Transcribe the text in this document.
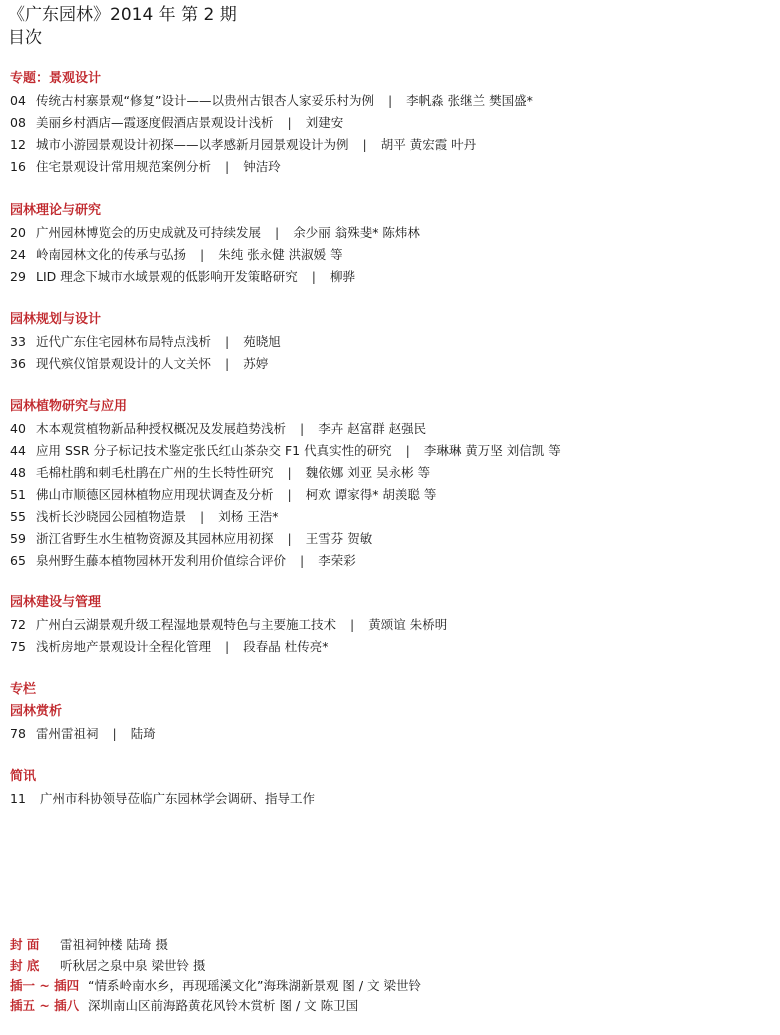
《广东园林》2014 年 第 2 期
目次
专题：景观设计
04 传统古村寨景观“修复”设计——以贵州古银杏人家妥乐村为例 | 李帆淼 张继兰 樊国盛*
08 美丽乡村酒店—霞逐度假酒店景观设计浅析 | 刘建安
12 城市小游园景观设计初探——以孝感新月园景观设计为例 | 胡平 黄宏霞 叶丹
16 住宅景观设计常用规范案例分析 | 钟洁玲
园林理论与研究
20 广州园林博览会的历史成就及可持续发展 | 余少丽 翁殊斐* 陈炜林
24 岭南园林文化的传承与弘扬 | 朱纯 张永健 洪淑媛 等
29 LID 理念下城市水域景观的低影响开发策略研究 | 柳骅
园林规划与设计
33 近代广东住宅园林布局特点浅析 | 苑晓旭
36 现代殡仪馆景观设计的人文关怀 | 苏婷
园林植物研究与应用
40 木本观赏植物新品种授权概况及发展趋势浅析 | 李卉 赵富群 赵强民
44 应用 SSR 分子标记技术鉴定张氏红山茶杂交 F1 代真实性的研究 | 李琳琳 黄万坚 刘信凯 等
48 毛棉杜鹃和刺毛杜鹃在广州的生长特性研究 | 魏依娜 刘亚 吴永彬 等
51 佛山市顺德区园林植物应用现状调查及分析 | 柯欢 谭家得* 胡羡聪 等
55 浅析长沙晓园公园植物造景 | 刘杨 王浩*
59 浙江省野生水生植物资源及其园林应用初探 | 王雪芬 贺敏
65 泉州野生藤本植物园林开发利用价值综合评价 | 李荣彩
园林建设与管理
72 广州白云湖景观升级工程湿地景观特色与主要施工技术 | 黄颂谊 朱桥明
75 浅析房地产景观设计全程化管理 | 段春晶 杜传亮*
专栏
园林赏析
78 雷州雷祖祠 | 陆琦
简讯
11 广州市科协领导莅临广东园林学会调研、指导工作
封 面 雷祖祠钟楼 陆琦 摄
封 底 听秋居之泉中泉 梁世铃 摄
插一 ~ 插四 “情系岭南水乡，再现瑶溪文化”海珠湖新景观 图 / 文 梁世铃
插五 ~ 插八 深圳南山区前海路黄花风铃木赏析 图 / 文 陈卫国
